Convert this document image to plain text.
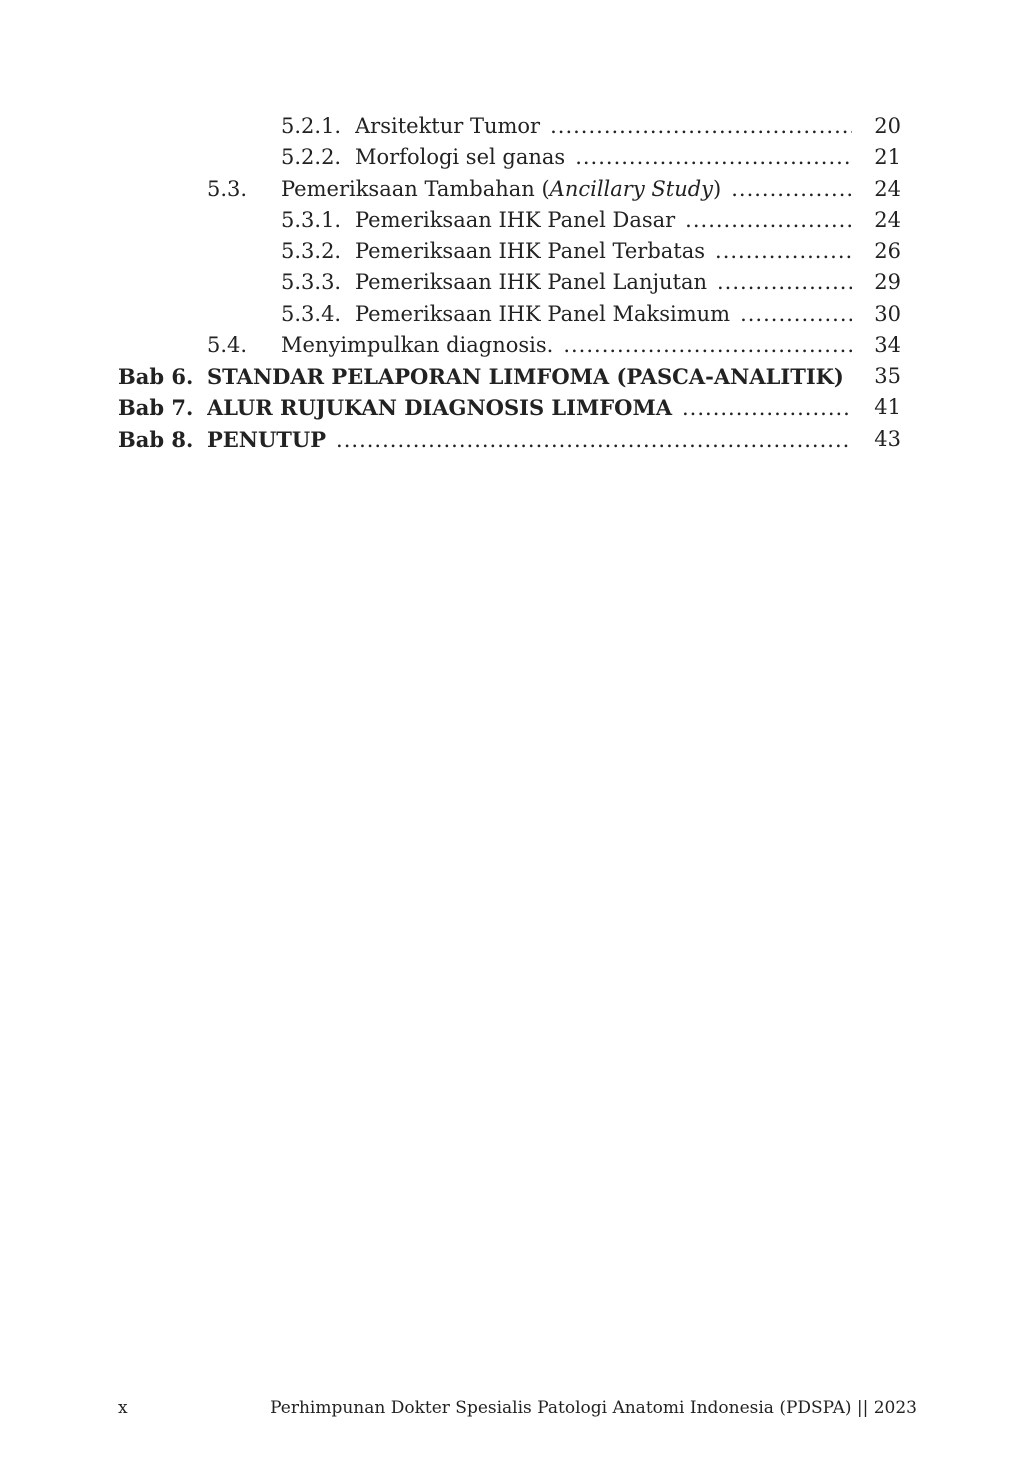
5.2.1. Arsitektur Tumor .....	20
5.2.2. Morfologi sel ganas .....	21
5.3. Pemeriksaan Tambahan (Ancillary Study) .....	24
5.3.1. Pemeriksaan IHK Panel Dasar .....	24
5.3.2. Pemeriksaan IHK Panel Terbatas .....	26
5.3.3. Pemeriksaan IHK Panel Lanjutan .....	29
5.3.4. Pemeriksaan IHK Panel Maksimum .....	30
5.4. Menyimpulkan diagnosis. .....	34
Bab 6. STANDAR PELAPORAN LIMFOMA (PASCA-ANALITIK) .....	35
Bab 7. ALUR RUJUKAN DIAGNOSIS LIMFOMA .....	41
Bab 8. PENUTUP .....	43
x	Perhimpunan Dokter Spesialis Patologi Anatomi Indonesia (PDSPA) || 2023
